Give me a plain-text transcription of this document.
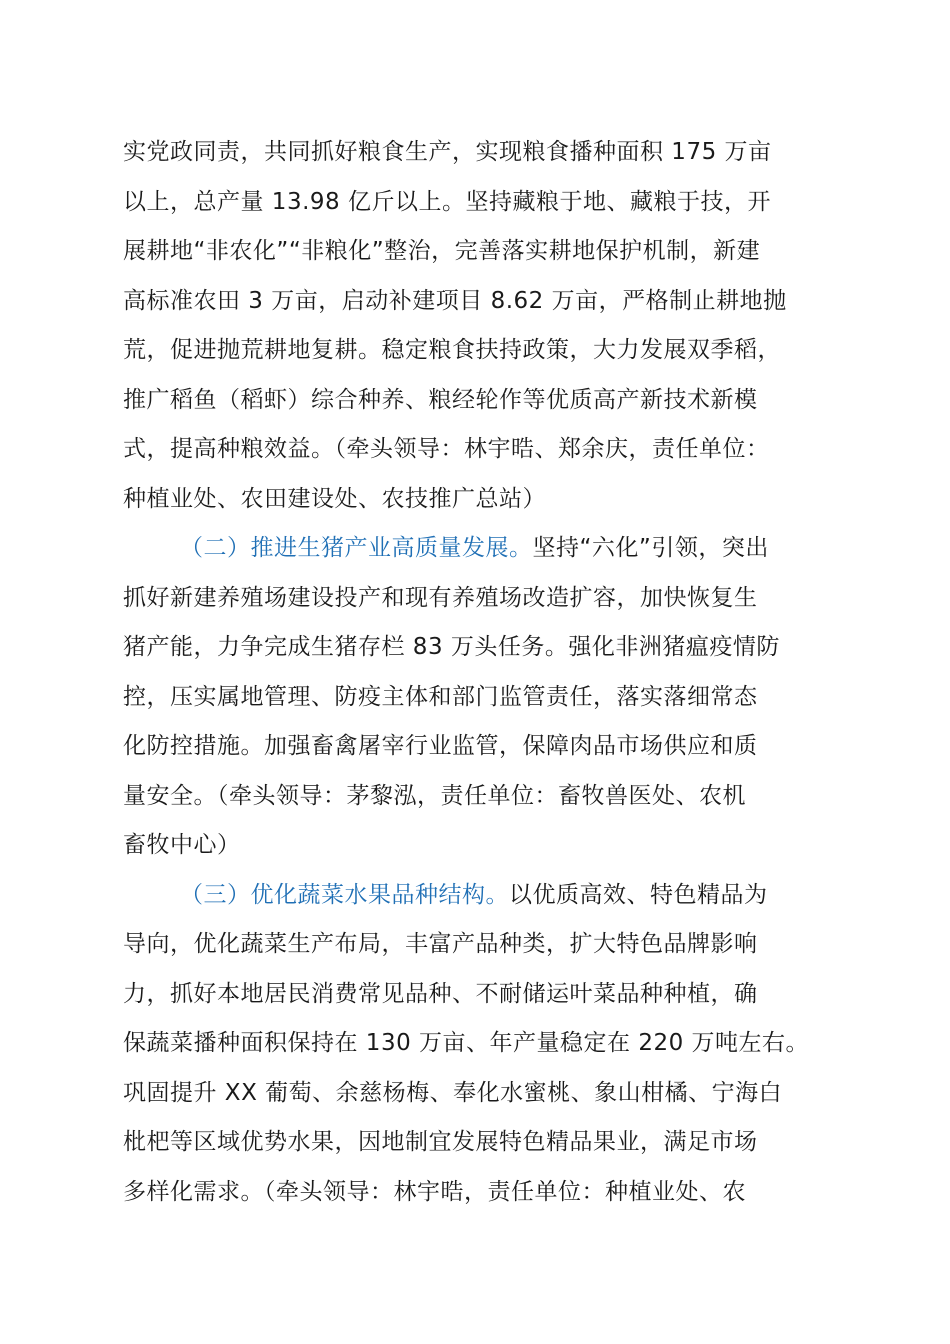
实党政同责，共同抓好粮食生产，实现粮食播种面积 175 万亩
以上，总产量 13.98 亿斤以上。坚持藏粮于地、藏粮于技，开
展耕地“非农化”“非粮化”整治，完善落实耕地保护机制，新建
高标准农田 3 万亩，启动补建项目 8.62 万亩，严格制止耕地抛
荒，促进抛荒耕地复耕。稳定粮食扶持政策，大力发展双季稻，
推广稻鱼（稻虾）综合种养、粮经轮作等优质高产新技术新模
式，提高种粮效益。（牵头领导：林宇晧、郑余庆，责任单位：
种植业处、农田建设处、农技推广总站）
（二）推进生猪产业高质量发展。坚持“六化”引领，突出
抓好新建养殖场建设投产和现有养殖场改造扩容，加快恢复生
猪产能，力争完成生猪存栏 83 万头任务。强化非洲猪瘟疫情防
控，压实属地管理、防疫主体和部门监管责任，落实落细常态
化防控措施。加强畜禽屠宰行业监管，保障肉品市场供应和质
量安全。（牵头领导：茅黎泓，责任单位：畜牧兽医处、农机
畜牧中心）
（三）优化蔬菜水果品种结构。以优质高效、特色精品为
导向，优化蔬菜生产布局，丰富产品种类，扩大特色品牌影响
力，抓好本地居民消费常见品种、不耐储运叶菜品种种植，确
保蔬菜播种面积保持在 130 万亩、年产量稳定在 220 万吨左右。
巩固提升 XX 葡萄、余慈杨梅、奉化水蜜桃、象山柑橘、宁海白
枇杷等区域优势水果，因地制宜发展特色精品果业，满足市场
多样化需求。（牵头领导：林宇晧，责任单位：种植业处、农
